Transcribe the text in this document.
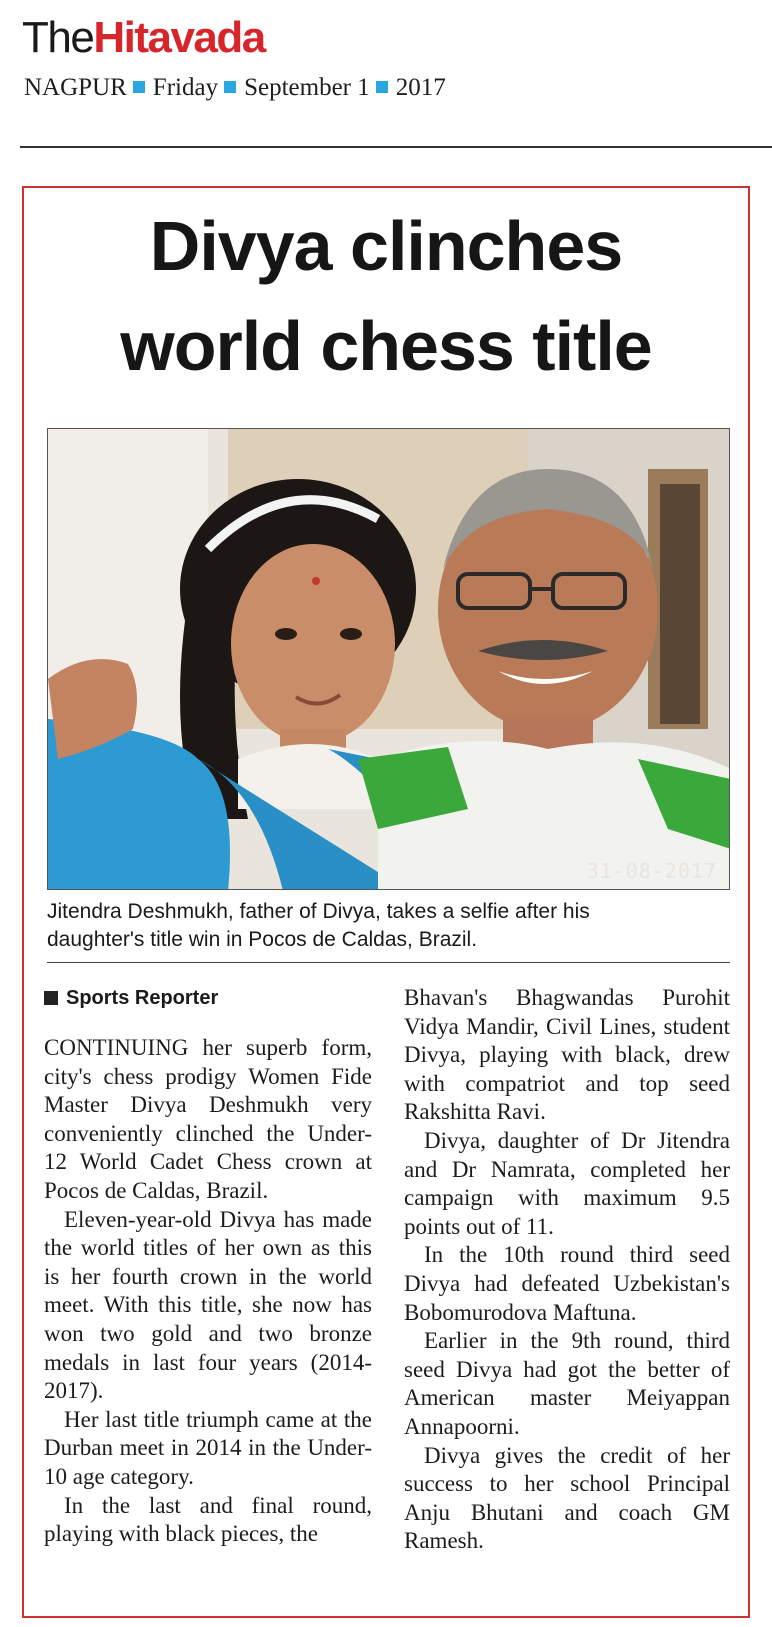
TheHitavada
NAGPUR Friday September 1 2017
Divya clinches
world chess title
31-08-2017
Jitendra Deshmukh, father of Divya, takes a selfie after his
daughter's title win in Pocos de Caldas, Brazil.
Sports Reporter

CONTINUING her superb form, city's chess prodigy Women Fide Master Divya Deshmukh very conveniently clinched the Under-12 World Cadet Chess crown at Pocos de Caldas, Brazil.

Eleven-year-old Divya has made the world titles of her own as this is her fourth crown in the world meet. With this title, she now has won two gold and two bronze medals in last four years (2014-2017).

Her last title triumph came at the Durban meet in 2014 in the Under-10 age category.

In the last and final round, playing with black pieces, the

Bhavan's Bhagwandas Purohit Vidya Mandir, Civil Lines, student Divya, playing with black, drew with compatriot and top seed Rakshitta Ravi.

Divya, daughter of Dr Jitendra and Dr Namrata, completed her campaign with maximum 9.5 points out of 11.

In the 10th round third seed Divya had defeated Uzbekistan's Bobomurodova Maftuna.

Earlier in the 9th round, third seed Divya had got the better of American master Meiyappan Annapoorni.

Divya gives the credit of her success to her school Principal Anju Bhutani and coach GM Ramesh.
